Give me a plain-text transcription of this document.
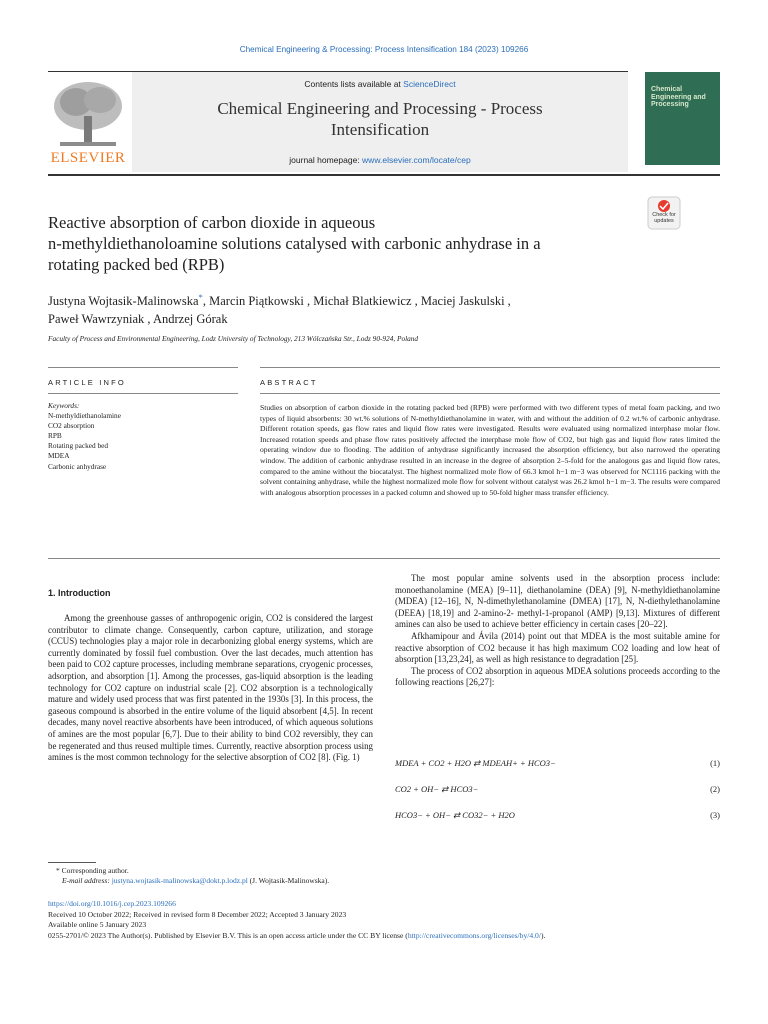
Chemical Engineering & Processing: Process Intensification 184 (2023) 109266
Contents lists available at ScienceDirect
Chemical Engineering and Processing - Process
Intensification
journal homepage: www.elsevier.com/locate/cep
ELSEVIER
Chemical Engineering and Processing
Check for updates
Reactive absorption of carbon dioxide in aqueous
n-methyldiethanoloamine solutions catalysed with carbonic anhydrase in a
rotating packed bed (RPB)
Justyna Wojtasik-Malinowska*, Marcin Piątkowski , Michał Blatkiewicz , Maciej Jaskulski ,
Paweł Wawrzyniak , Andrzej Górak
Faculty of Process and Environmental Engineering, Lodz University of Technology, 213 Wólczańska Str., Lodz 90-924, Poland
ARTICLE INFO	ABSTRACT
Keywords:
N-methyldiethanolamine
CO2 absorption
RPB
Rotating packed bed
MDEA
Carbonic anhydrase
Studies on absorption of carbon dioxide in the rotating packed bed (RPB) were performed with two different types of metal foam packing, and two types of liquid absorbents: 30 wt.% solutions of N-methyldiethanolamine in water, with and without the addition of 0.2 wt.% of carbonic anhydrase. Different rotation speeds, gas flow rates and liquid flow rates were investigated. Results were evaluated using normalized interphase molar flow. Increased rotation speeds and phase flow rates positively affected the interphase mole flow of CO2, but high gas and liquid flow rates limited the operating window due to flooding. The addition of anhydrase significantly increased the absorption efficiency, but also narrowed the operating window. The addition of carbonic anhydrase resulted in an increase in the degree of absorption 2–5-fold for the analogous gas and liquid flow rates, compared to the amine without the biocatalyst. The highest normalized mole flow of 66.3 kmol h−1 m−3 was observed for NC1116 packing with the solvent containing anhydrase, while the highest normalized mole flow for solvent without catalyst was 26.2 kmol h−1 m−3. The results were compared with analogous absorption processes in a packed column and showed up to 50-fold higher mass transfer efficiency.
1. Introduction

Among the greenhouse gasses of anthropogenic origin, CO2 is considered the largest contributor to climate change. Consequently, carbon capture, utilization, and storage (CCUS) technologies play a major role in decarbonizing global energy systems, which are currently dominated by fossil fuel combustion. Over the last decades, much attention has been paid to CO2 capture processes, including membrane separations, cryogenic processes, adsorption, and absorption [1]. Among the processes, gas-liquid absorption is the leading technology for CO2 capture on industrial scale [2]. CO2 absorption is a technologically mature and widely used process that was first patented in the 1930s [3]. In this process, the gaseous compound is absorbed in the entire volume of the liquid absorbent [4,5]. In recent decades, many novel reactive absorbents have been introduced, of which aqueous solutions of amines are the most popular [6,7]. Due to their ability to bind CO2 reversibly, they can be regenerated and thus reused multiple times. Currently, reactive absorption process using amines is the most common technology for the selective absorption of CO2 [8]. (Fig. 1)

The most popular amine solvents used in the absorption process include: monoethanolamine (MEA) [9–11], diethanolamine (DEA) [9], N-methyldiethanolamine (MDEA) [12–16], N, N-dimethylethanolamine (DMEA) [17], N, N-diethylethanolamine (DEEA) [18,19] and 2-amino-2- methyl-1-propanol (AMP) [9,13]. Mixtures of different amines can also be used to achieve better efficiency in certain cases [20–22].

Afkhamipour and Ávila (2014) point out that MDEA is the most suitable amine for reactive absorption of CO2 because it has high maximum CO2 loading and low heat of absorption [13,23,24], as well as high resistance to degradation [25].

The process of CO2 absorption in aqueous MDEA solutions proceeds according to the following reactions [26,27]:

MDEA + CO2 + H2O ⇄ MDEAH+ + HCO3−	(1)
CO2 + OH− ⇄ HCO3−	(2)
HCO3− + OH− ⇄ CO32− + H2O	(3)
* Corresponding author.
E-mail address: justyna.wojtasik-malinowska@dokt.p.lodz.pl (J. Wojtasik-Malinowska).
https://doi.org/10.1016/j.cep.2023.109266
Received 10 October 2022; Received in revised form 8 December 2022; Accepted 3 January 2023
Available online 5 January 2023
0255-2701/© 2023 The Author(s). Published by Elsevier B.V. This is an open access article under the CC BY license (http://creativecommons.org/licenses/by/4.0/).
